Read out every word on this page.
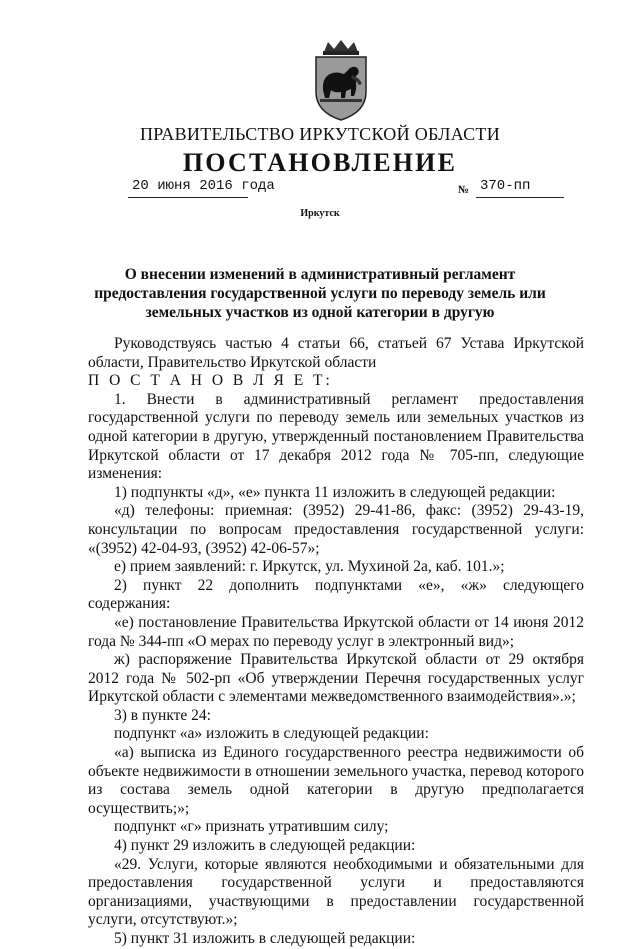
ПРАВИТЕЛЬСТВО ИРКУТСКОЙ ОБЛАСТИ
ПОСТАНОВЛЕНИЕ
20 июня 2016 года	№ 370-пп
Иркутск
О внесении изменений в административный регламент предоставления государственной услуги по переводу земель или земельных участков из одной категории в другую

Руководствуясь частью 4 статьи 66, статьей 67 Устава Иркутской области, Правительство Иркутской области

П О С Т А Н О В Л Я Е Т:

1. Внести в административный регламент предоставления государственной услуги по переводу земель или земельных участков из одной категории в другую, утвержденный постановлением Правительства Иркутской области от 17 декабря 2012 года № 705-пп, следующие изменения:

1) подпункты «д», «е» пункта 11 изложить в следующей редакции:

«д) телефоны: приемная: (3952) 29-41-86, факс: (3952) 29-43-19, консультации по вопросам предоставления государственной услуги: «(3952) 42-04-93, (3952) 42-06-57»;

е) прием заявлений: г. Иркутск, ул. Мухиной 2а, каб. 101.»;

2) пункт 22 дополнить подпунктами «е», «ж» следующего содержания:

«е) постановление Правительства Иркутской области от 14 июня 2012 года № 344-пп «О мерах по переводу услуг в электронный вид»;

ж) распоряжение Правительства Иркутской области от 29 октября 2012 года № 502-рп «Об утверждении Перечня государственных услуг Иркутской области с элементами межведомственного взаимодействия».»;

3) в пункте 24:

подпункт «а» изложить в следующей редакции:

«а) выписка из Единого государственного реестра недвижимости об объекте недвижимости в отношении земельного участка, перевод которого из состава земель одной категории в другую предполагается осуществить;»;

подпункт «г» признать утратившим силу;

4) пункт 29 изложить в следующей редакции:

«29. Услуги, которые являются необходимыми и обязательными для предоставления государственной услуги и предоставляются организациями, участвующими в предоставлении государственной услуги, отсутствуют.»;

5) пункт 31 изложить в следующей редакции:
